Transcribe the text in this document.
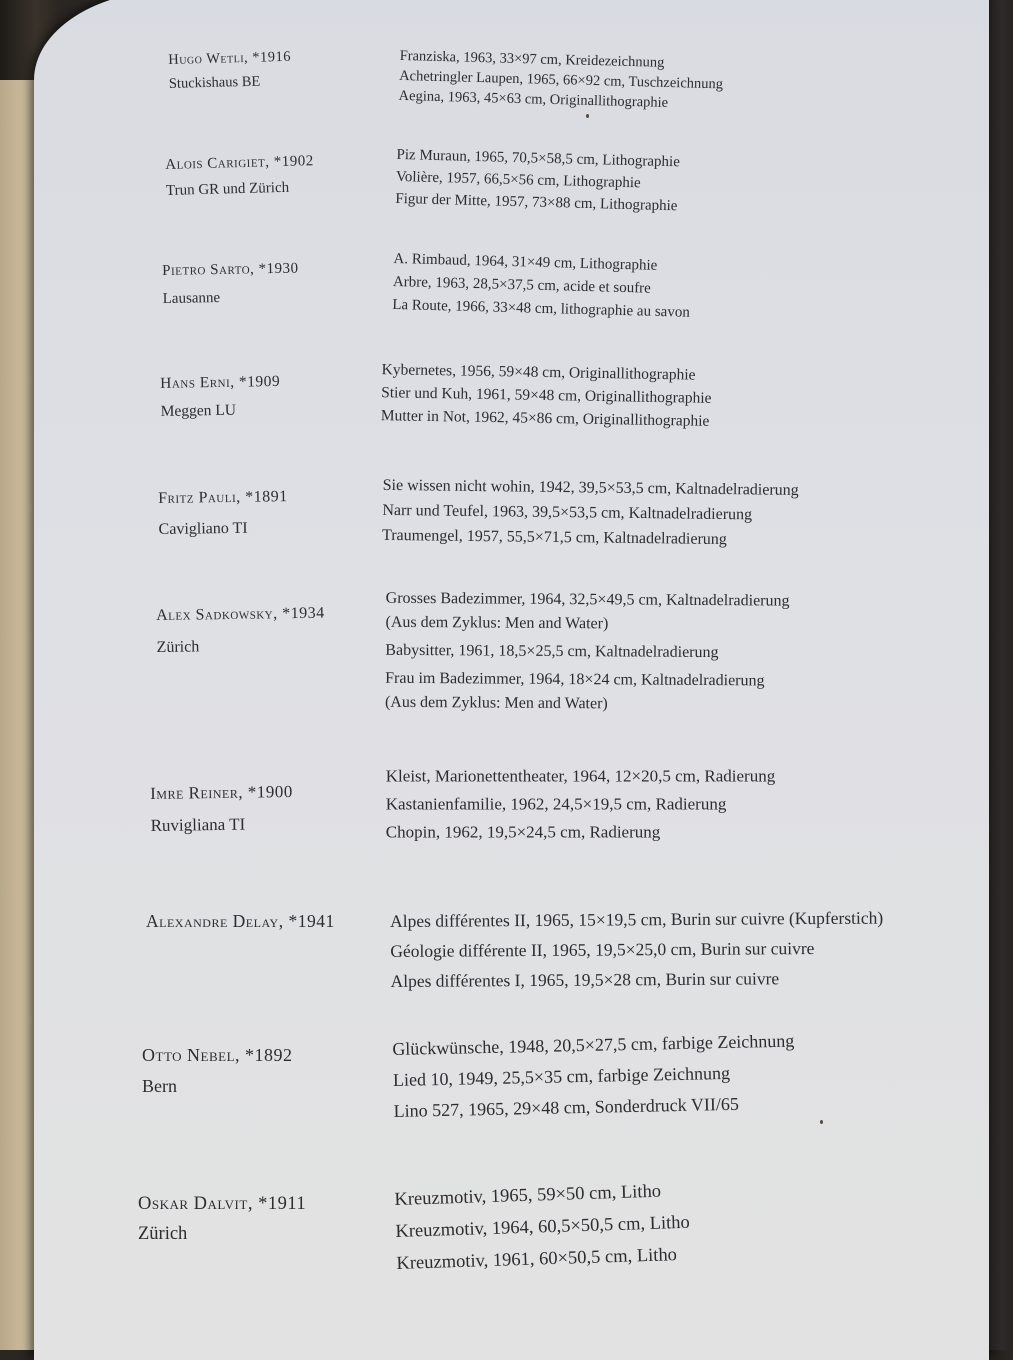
Hugo Wetli, *1916
Stuckishaus BE
Franziska, 1963, 33×97 cm, Kreidezeichnung
Achetringler Laupen, 1965, 66×92 cm, Tuschzeichnung
Aegina, 1963, 45×63 cm, Originallithographie
Alois Carigiet, *1902
Trun GR und Zürich
Piz Muraun, 1965, 70,5×58,5 cm, Lithographie
Volière, 1957, 66,5×56 cm, Lithographie
Figur der Mitte, 1957, 73×88 cm, Lithographie
Pietro Sarto, *1930
Lausanne
A. Rimbaud, 1964, 31×49 cm, Lithographie
Arbre, 1963, 28,5×37,5 cm, acide et soufre
La Route, 1966, 33×48 cm, lithographie au savon
Hans Erni, *1909
Meggen LU
Kybernetes, 1956, 59×48 cm, Originallithographie
Stier und Kuh, 1961, 59×48 cm, Originallithographie
Mutter in Not, 1962, 45×86 cm, Originallithographie
Fritz Pauli, *1891
Cavigliano TI
Sie wissen nicht wohin, 1942, 39,5×53,5 cm, Kaltnadelradierung
Narr und Teufel, 1963, 39,5×53,5 cm, Kaltnadelradierung
Traumengel, 1957, 55,5×71,5 cm, Kaltnadelradierung
Alex Sadkowsky, *1934
Zürich
Grosses Badezimmer, 1964, 32,5×49,5 cm, Kaltnadelradierung
(Aus dem Zyklus: Men and Water)
Babysitter, 1961, 18,5×25,5 cm, Kaltnadelradierung
Frau im Badezimmer, 1964, 18×24 cm, Kaltnadelradierung
(Aus dem Zyklus: Men and Water)
Imre Reiner, *1900
Ruvigliana TI
Kleist, Marionettentheater, 1964, 12×20,5 cm, Radierung
Kastanienfamilie, 1962, 24,5×19,5 cm, Radierung
Chopin, 1962, 19,5×24,5 cm, Radierung
Alexandre Delay, *1941	Alpes différentes II, 1965, 15×19,5 cm, Burin sur cuivre (Kupferstich)
Géologie différente II, 1965, 19,5×25,0 cm, Burin sur cuivre
Alpes différentes I, 1965, 19,5×28 cm, Burin sur cuivre
Otto Nebel, *1892
Bern
Glückwünsche, 1948, 20,5×27,5 cm, farbige Zeichnung
Lied 10, 1949, 25,5×35 cm, farbige Zeichnung
Lino 527, 1965, 29×48 cm, Sonderdruck VII/65
Oskar Dalvit, *1911
Zürich
Kreuzmotiv, 1965, 59×50 cm, Litho
Kreuzmotiv, 1964, 60,5×50,5 cm, Litho
Kreuzmotiv, 1961, 60×50,5 cm, Litho
